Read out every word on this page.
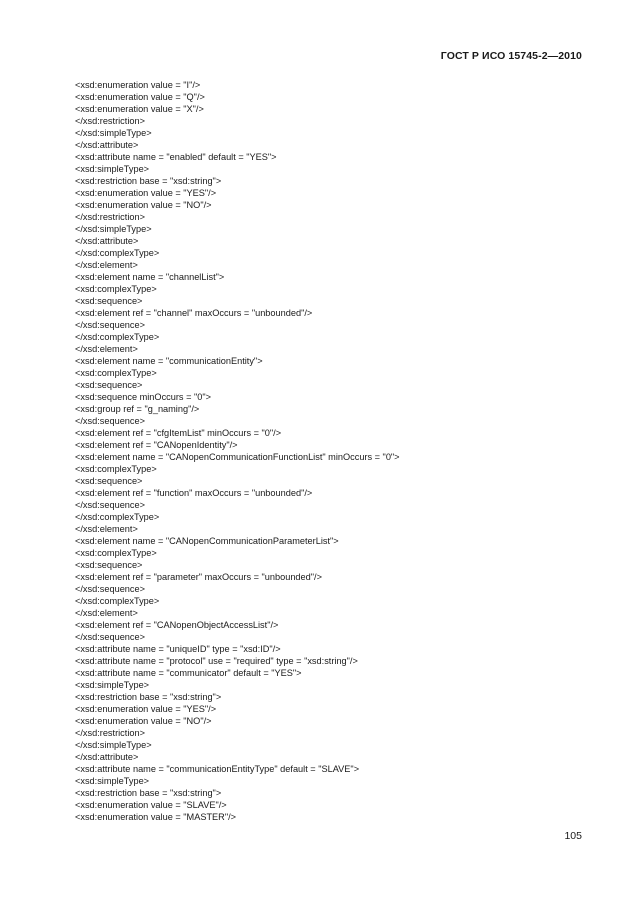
ГОСТ Р ИСО 15745-2—2010
<xsd:enumeration value = "I"/>
<xsd:enumeration value = "Q"/>
<xsd:enumeration value = "X"/>
</xsd:restriction>
</xsd:simpleType>
</xsd:attribute>
<xsd:attribute name = "enabled" default = "YES">
<xsd:simpleType>
<xsd:restriction base = "xsd:string">
<xsd:enumeration value = "YES"/>
<xsd:enumeration value = "NO"/>
</xsd:restriction>
</xsd:simpleType>
</xsd:attribute>
</xsd:complexType>
</xsd:element>
<xsd:element name = "channelList">
<xsd:complexType>
<xsd:sequence>
<xsd:element ref = "channel" maxOccurs = "unbounded"/>
</xsd:sequence>
</xsd:complexType>
</xsd:element>
<xsd:element name = "communicationEntity">
<xsd:complexType>
<xsd:sequence>
<xsd:sequence minOccurs = "0">
<xsd:group ref = "g_naming"/>
</xsd:sequence>
<xsd:element ref = "cfgItemList" minOccurs = "0"/>
<xsd:element ref = "CANopenIdentity"/>
<xsd:element name = "CANopenCommunicationFunctionList" minOccurs = "0">
<xsd:complexType>
<xsd:sequence>
<xsd:element ref = "function" maxOccurs = "unbounded"/>
</xsd:sequence>
</xsd:complexType>
</xsd:element>
<xsd:element name = "CANopenCommunicationParameterList">
<xsd:complexType>
<xsd:sequence>
<xsd:element ref = "parameter" maxOccurs = "unbounded"/>
</xsd:sequence>
</xsd:complexType>
</xsd:element>
<xsd:element ref = "CANopenObjectAccessList"/>
</xsd:sequence>
<xsd:attribute name = "uniqueID" type = "xsd:ID"/>
<xsd:attribute name = "protocol" use = "required" type = "xsd:string"/>
<xsd:attribute name = "communicator" default = "YES">
<xsd:simpleType>
<xsd:restriction base = "xsd:string">
<xsd:enumeration value = "YES"/>
<xsd:enumeration value = "NO"/>
</xsd:restriction>
</xsd:simpleType>
</xsd:attribute>
<xsd:attribute name = "communicationEntityType" default = "SLAVE">
<xsd:simpleType>
<xsd:restriction base = "xsd:string">
<xsd:enumeration value = "SLAVE"/>
<xsd:enumeration value = "MASTER"/>
105
